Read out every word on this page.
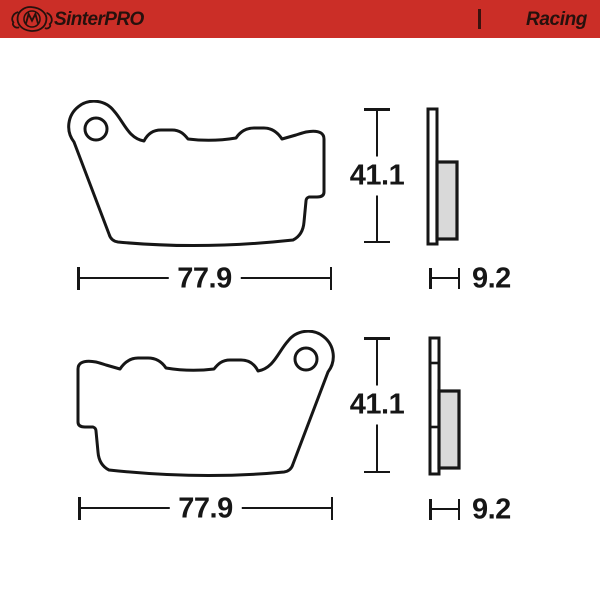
SinterPRO	Racing
41.1
77.9	9.2
41.1
77.9	9.2
